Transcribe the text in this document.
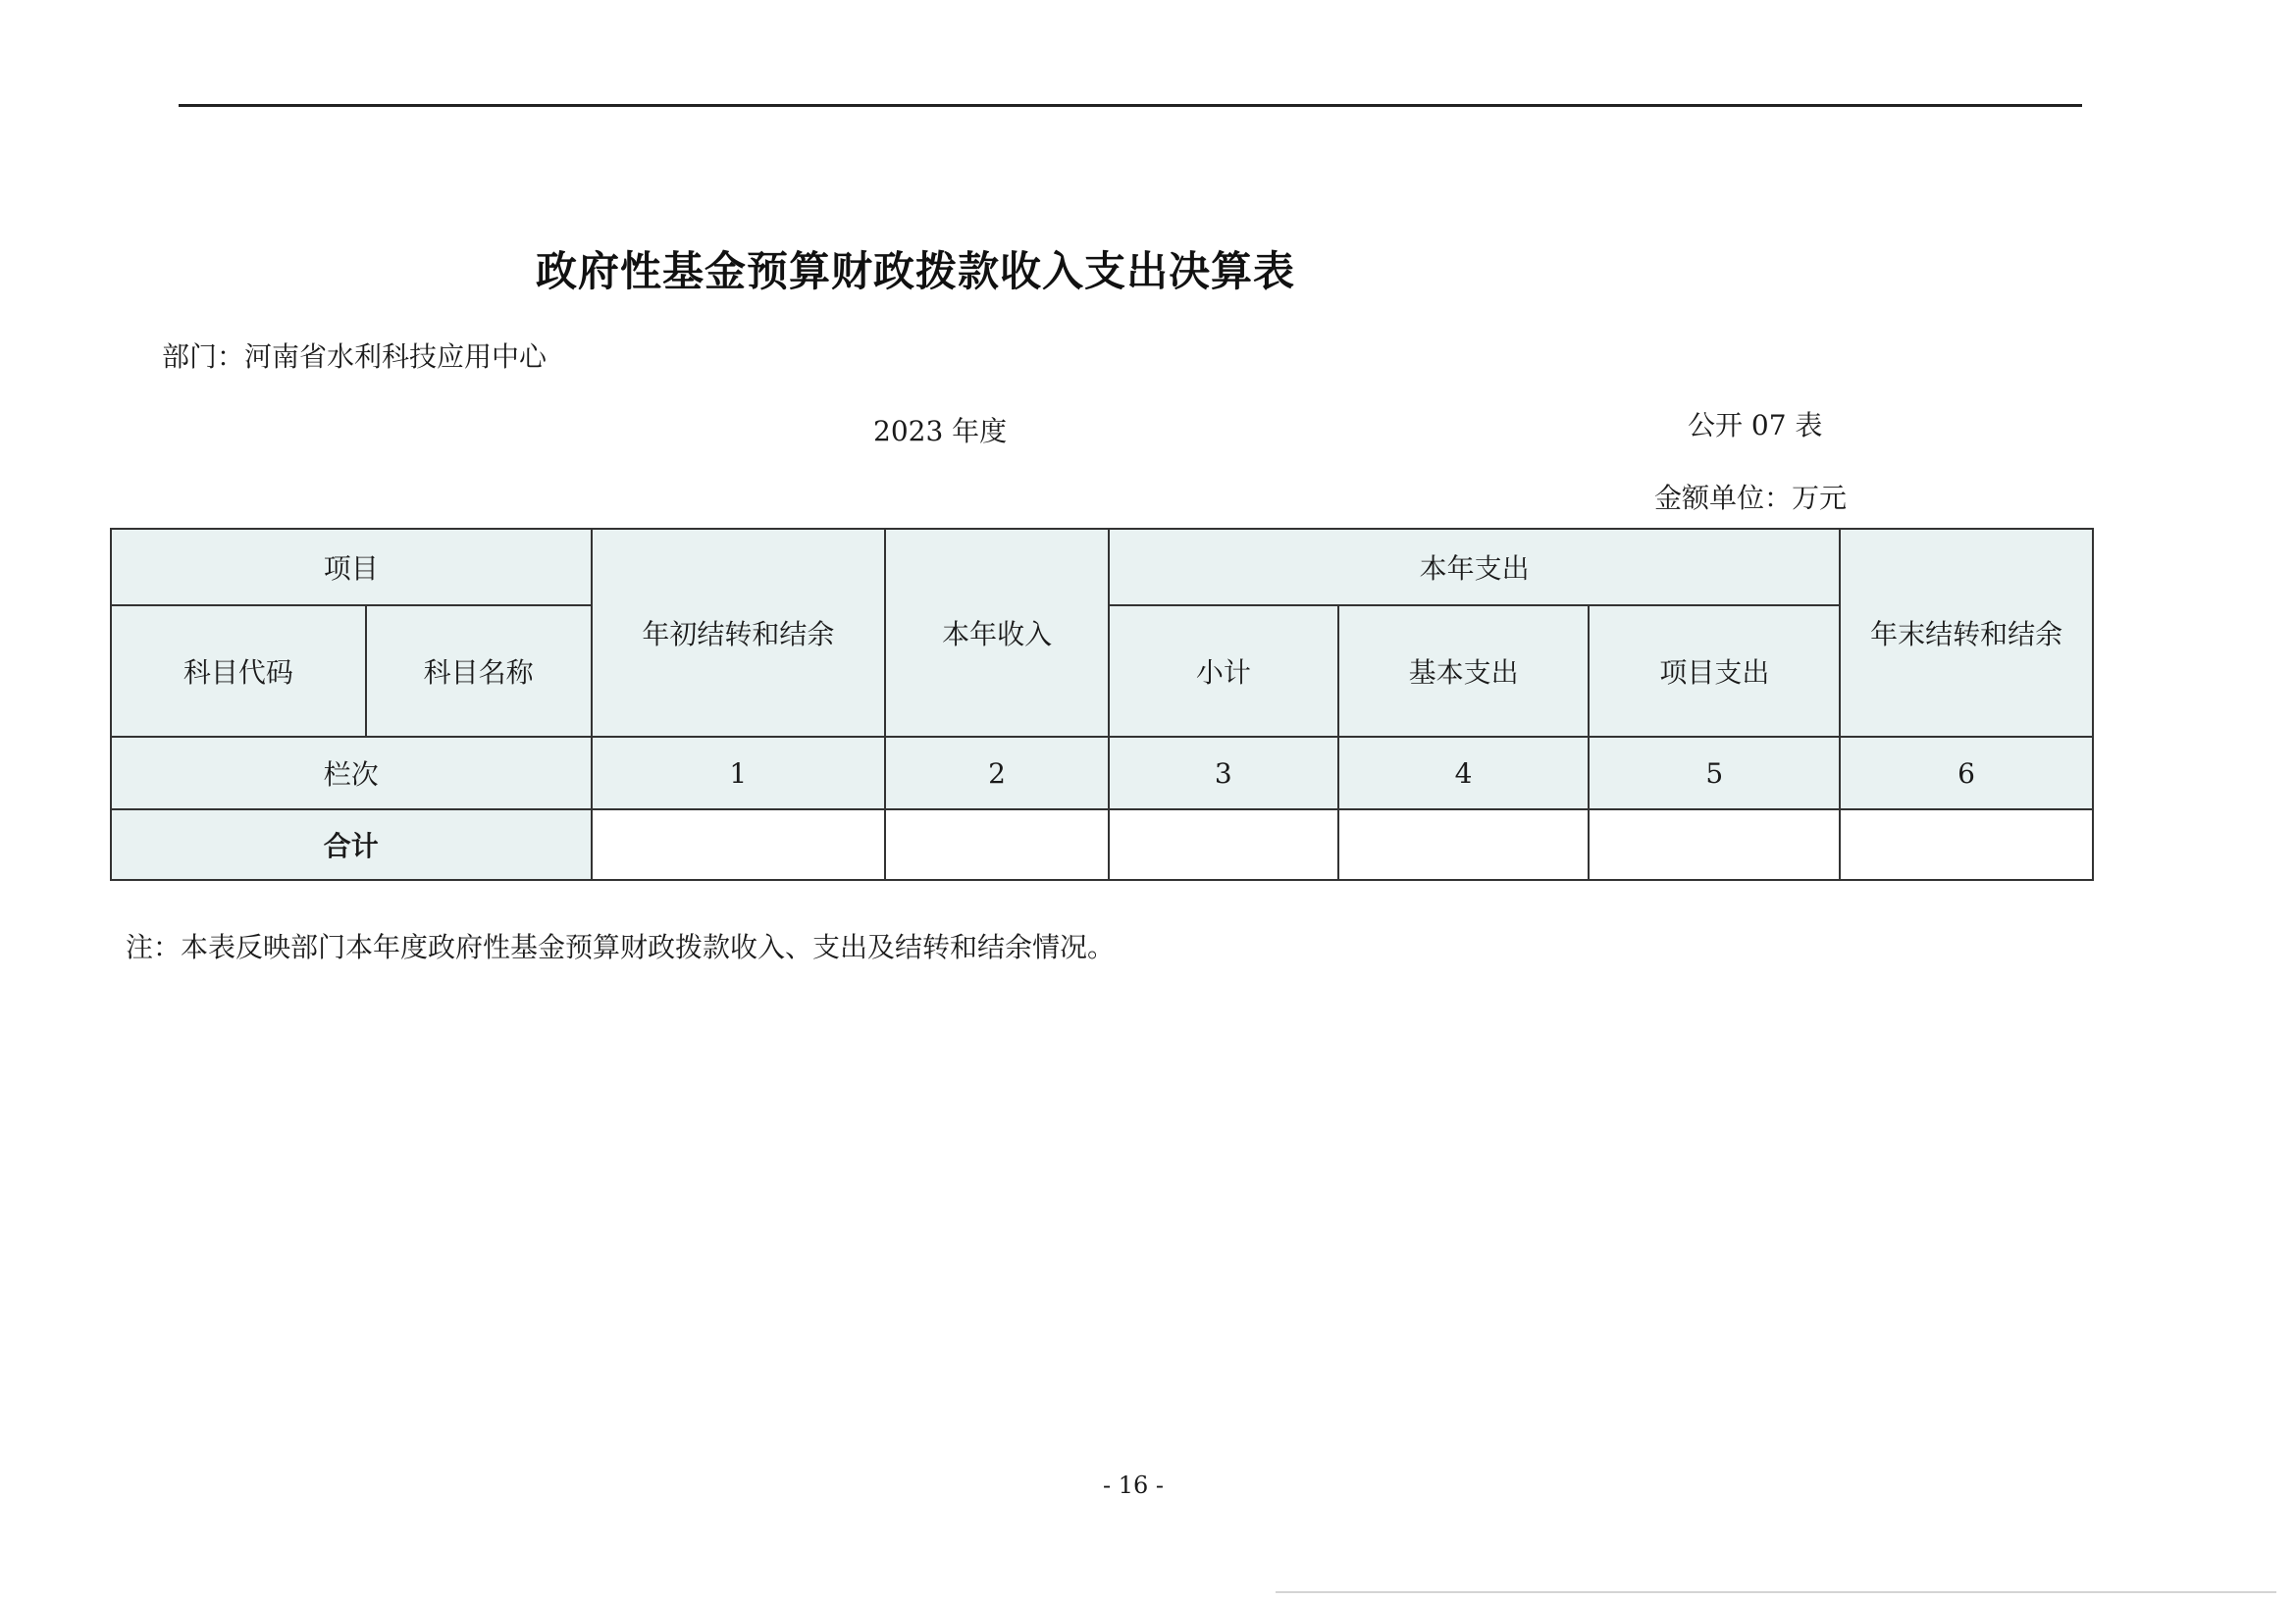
政府性基金预算财政拨款收入支出决算表
部门：河南省水利科技应用中心
2023 年度	公开 07 表
金额单位：万元
项目		年初结转和结余	本年收入	本年支出			年末结转和结余
科目代码	科目名称			小计	基本支出	项目支出	
栏次		1	2	3	4	5	6
合计							
注：本表反映部门本年度政府性基金预算财政拨款收入、支出及结转和结余情况。
- 16 -
